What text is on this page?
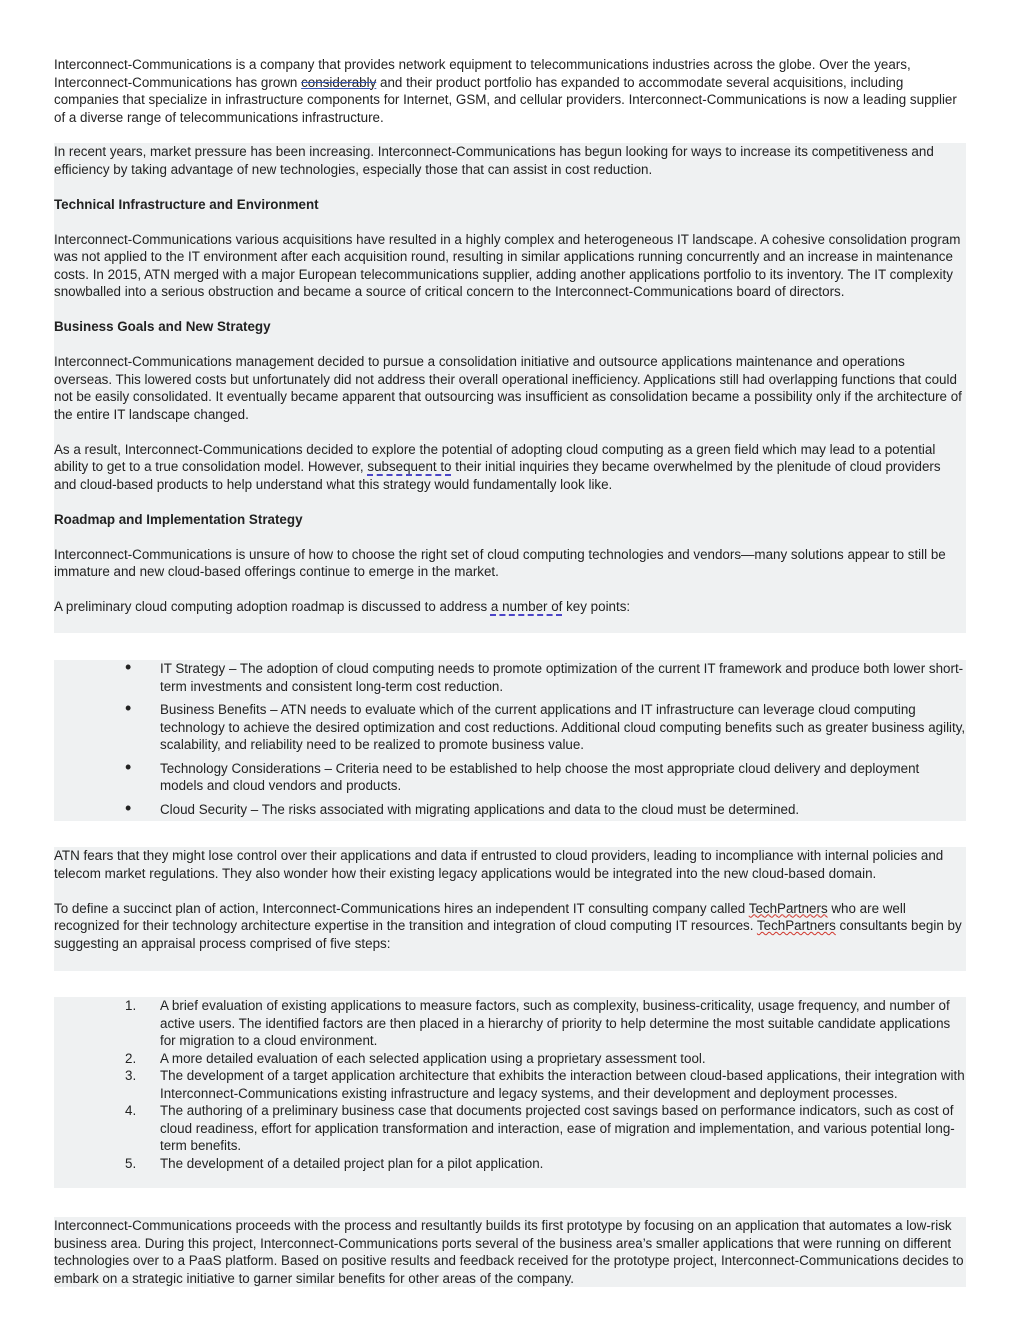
Interconnect-Communications is a company that provides network equipment to telecommunications industries across the globe. Over the years, Interconnect-Communications has grown considerably and their product portfolio has expanded to accommodate several acquisitions, including companies that specialize in infrastructure components for Internet, GSM, and cellular providers. Interconnect-Communications is now a leading supplier of a diverse range of telecommunications infrastructure.

In recent years, market pressure has been increasing. Interconnect-Communications has begun looking for ways to increase its competitiveness and efficiency by taking advantage of new technologies, especially those that can assist in cost reduction.

Technical Infrastructure and Environment

Interconnect-Communications various acquisitions have resulted in a highly complex and heterogeneous IT landscape. A cohesive consolidation program was not applied to the IT environment after each acquisition round, resulting in similar applications running concurrently and an increase in maintenance costs. In 2015, ATN merged with a major European telecommunications supplier, adding another applications portfolio to its inventory. The IT complexity snowballed into a serious obstruction and became a source of critical concern to the Interconnect-Communications board of directors.

Business Goals and New Strategy

Interconnect-Communications management decided to pursue a consolidation initiative and outsource applications maintenance and operations overseas. This lowered costs but unfortunately did not address their overall operational inefficiency. Applications still had overlapping functions that could not be easily consolidated. It eventually became apparent that outsourcing was insufficient as consolidation became a possibility only if the architecture of the entire IT landscape changed.

As a result, Interconnect-Communications decided to explore the potential of adopting cloud computing as a green field which may lead to a potential ability to get to a true consolidation model. However, subsequent to their initial inquiries they became overwhelmed by the plenitude of cloud providers and cloud-based products to help understand what this strategy would fundamentally look like.

Roadmap and Implementation Strategy

Interconnect-Communications is unsure of how to choose the right set of cloud computing technologies and vendors—many solutions appear to still be immature and new cloud-based offerings continue to emerge in the market.

A preliminary cloud computing adoption roadmap is discussed to address a number of key points:

• IT Strategy – The adoption of cloud computing needs to promote optimization of the current IT framework and produce both lower short-term investments and consistent long-term cost reduction.
• Business Benefits – ATN needs to evaluate which of the current applications and IT infrastructure can leverage cloud computing technology to achieve the desired optimization and cost reductions. Additional cloud computing benefits such as greater business agility, scalability, and reliability need to be realized to promote business value.
• Technology Considerations – Criteria need to be established to help choose the most appropriate cloud delivery and deployment models and cloud vendors and products.
• Cloud Security – The risks associated with migrating applications and data to the cloud must be determined.

ATN fears that they might lose control over their applications and data if entrusted to cloud providers, leading to incompliance with internal policies and telecom market regulations. They also wonder how their existing legacy applications would be integrated into the new cloud-based domain.

To define a succinct plan of action, Interconnect-Communications hires an independent IT consulting company called TechPartners who are well recognized for their technology architecture expertise in the transition and integration of cloud computing IT resources. TechPartners consultants begin by suggesting an appraisal process comprised of five steps:

1. A brief evaluation of existing applications to measure factors, such as complexity, business-criticality, usage frequency, and number of active users. The identified factors are then placed in a hierarchy of priority to help determine the most suitable candidate applications for migration to a cloud environment.
2. A more detailed evaluation of each selected application using a proprietary assessment tool.
3. The development of a target application architecture that exhibits the interaction between cloud-based applications, their integration with Interconnect-Communications existing infrastructure and legacy systems, and their development and deployment processes.
4. The authoring of a preliminary business case that documents projected cost savings based on performance indicators, such as cost of cloud readiness, effort for application transformation and interaction, ease of migration and implementation, and various potential long-term benefits.
5. The development of a detailed project plan for a pilot application.

Interconnect-Communications proceeds with the process and resultantly builds its first prototype by focusing on an application that automates a low-risk business area. During this project, Interconnect-Communications ports several of the business area’s smaller applications that were running on different technologies over to a PaaS platform. Based on positive results and feedback received for the prototype project, Interconnect-Communications decides to embark on a strategic initiative to garner similar benefits for other areas of the company.
